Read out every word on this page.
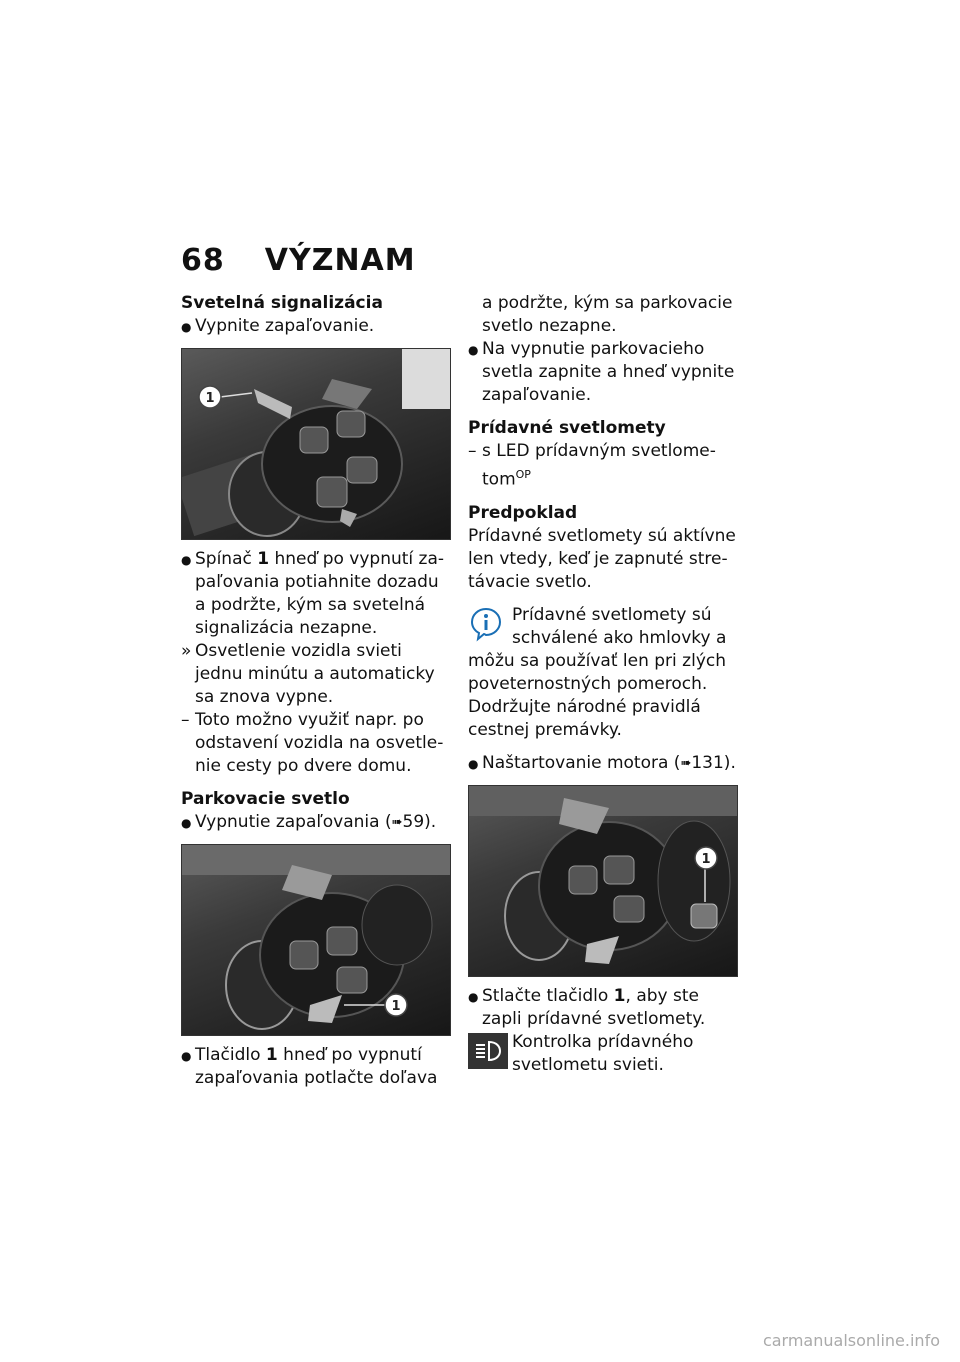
68 VÝZNAM
Svetelná signalizácia
● Vypnite zapaľovanie.
1
● Spínač 1 hneď po vypnutí za-paľovania potiahnite dozadu a podržte, kým sa svetelná signalizácia nezapne.
» Osvetlenie vozidla svieti jednu minútu a automaticky sa znova vypne.
– Toto možno využiť napr. po odstavení vozidla na osvetle-nie cesty po dvere domu.
Parkovacie svetlo
● Vypnutie zapaľovania (➠59).
1
● Tlačidlo 1 hneď po vypnutí zapaľovania potlačte doľava

a podržte, kým sa parkovacie svetlo nezapne.

● Na vypnutie parkovacieho svetla zapnite a hneď vypnite zapaľovanie.
Prídavné svetlomety
– s LED prídavným svetlome-tom$^{OP}$
Predpoklad

Prídavné svetlomety sú aktívne len vtedy, keď je zapnuté stre-távacie svetlo.

Prídavné svetlomety sú schválené ako hmlovky a môžu sa používať len pri zlých poveternostných pomeroch. Dodržujte národné pravidlá cestnej premávky.

● Naštartovanie motora (➠131).
1
● Stlačte tlačidlo 1, aby ste zapli prídavné svetlomety.

Kontrolka prídavného svetlometu svieti.

carmanualsonline.info
